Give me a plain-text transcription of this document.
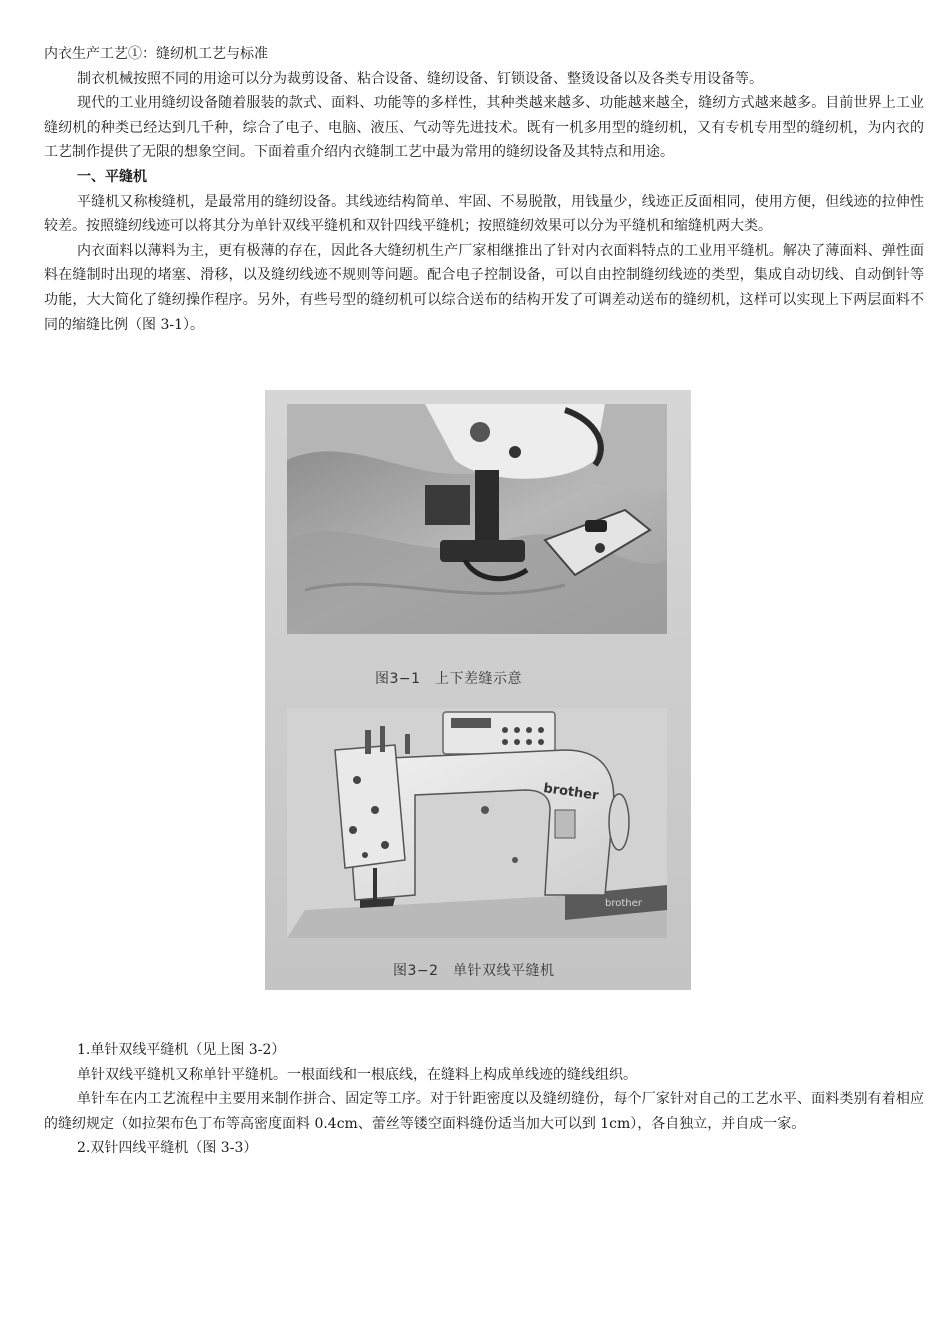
内衣生产工艺①：缝纫机工艺与标准

制衣机械按照不同的用途可以分为裁剪设备、粘合设备、缝纫设备、钉锁设备、整烫设备以及各类专用设备等。

现代的工业用缝纫设备随着服装的款式、面料、功能等的多样性，其种类越来越多、功能越来越全，缝纫方式越来越多。目前世界上工业缝纫机的种类已经达到几千种，综合了电子、电脑、液压、气动等先进技术。既有一机多用型的缝纫机，又有专机专用型的缝纫机，为内衣的工艺制作提供了无限的想象空间。下面着重介绍内衣缝制工艺中最为常用的缝纫设备及其特点和用途。

一、平缝机

平缝机又称梭缝机，是最常用的缝纫设备。其线迹结构简单、牢固、不易脱散，用钱量少，线迹正反面相同，使用方便，但线迹的拉伸性较差。按照缝纫线迹可以将其分为单针双线平缝机和双针四线平缝机；按照缝纫效果可以分为平缝机和缩缝机两大类。

内衣面料以薄料为主，更有极薄的存在，因此各大缝纫机生产厂家相继推出了针对内衣面料特点的工业用平缝机。解决了薄面料、弹性面料在缝制时出现的堵塞、滑移，以及缝纫线迹不规则等问题。配合电子控制设备，可以自由控制缝纫线迹的类型，集成自动切线、自动倒针等功能，大大简化了缝纫操作程序。另外，有些号型的缝纫机可以综合送布的结构开发了可调差动送布的缝纫机，这样可以实现上下两层面料不同的缩缝比例（图 3-1）。

图3−1　上下差缝示意
brother
brother
图3−2　单针双线平缝机

1.单针双线平缝机（见上图 3-2）

单针双线平缝机又称单针平缝机。一根面线和一根底线，在缝料上构成单线迹的缝线组织。

单针车在内工艺流程中主要用来制作拼合、固定等工序。对于针距密度以及缝纫缝份，每个厂家针对自己的工艺水平、面料类别有着相应的缝纫规定（如拉架布色丁布等高密度面料 0.4cm、蕾丝等镂空面料缝份适当加大可以到 1cm），各自独立，并自成一家。

2.双针四线平缝机（图 3-3）
